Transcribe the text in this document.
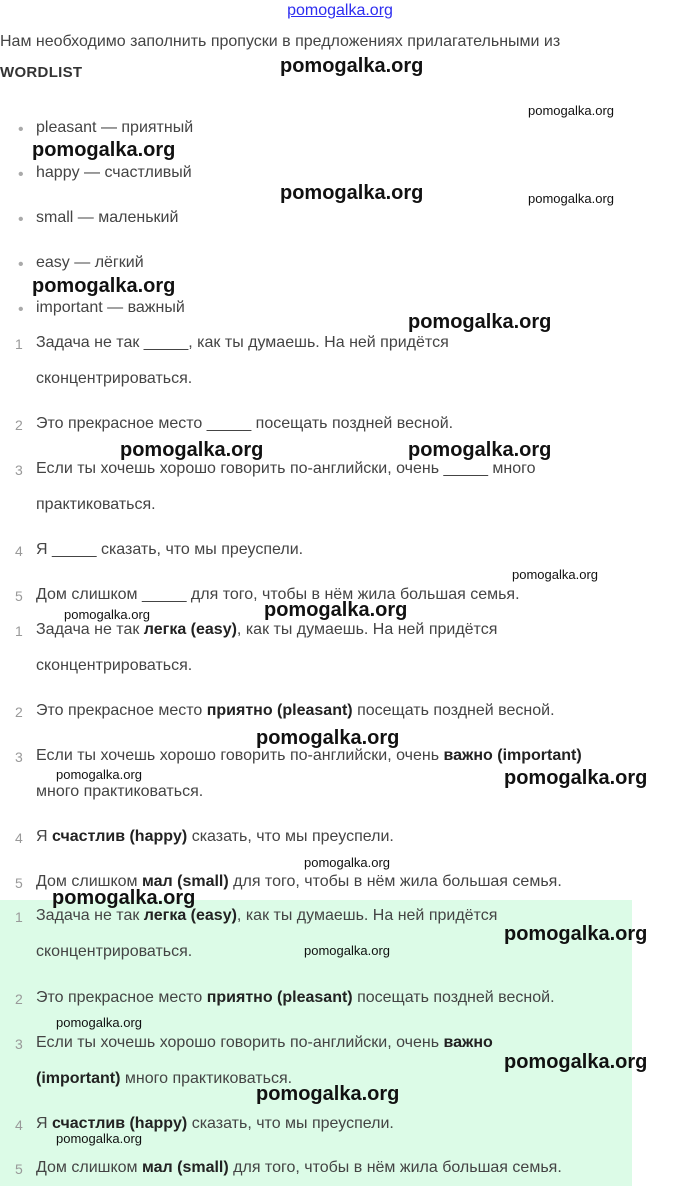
pomogalka.org
Нам необходимо заполнить пропуски в предложениях прилагательными из
WORDLIST
• pleasant — приятный
• happy — счастливый
• small — маленький
• easy — лёгкий
• important — важный
1 Задача не так _____, как ты думаешь. На ней придётся
сконцентрироваться.
2 Это прекрасное место _____ посещать поздней весной.
3 Если ты хочешь хорошо говорить по-английски, очень _____ много
практиковаться.
4 Я _____ сказать, что мы преуспели.
5 Дом слишком _____ для того, чтобы в нём жила большая семья.
1 Задача не так легка (easy), как ты думаешь. На ней придётся
сконцентрироваться.
2 Это прекрасное место приятно (pleasant) посещать поздней весной.
3 Если ты хочешь хорошо говорить по-английски, очень важно (important)
много практиковаться.
4 Я счастлив (happy) сказать, что мы преуспели.
5 Дом слишком мал (small) для того, чтобы в нём жила большая семья.
1 Задача не так легка (easy), как ты думаешь. На ней придётся
сконцентрироваться.
2 Это прекрасное место приятно (pleasant) посещать поздней весной.
3 Если ты хочешь хорошо говорить по-английски, очень важно
(important) много практиковаться.
4 Я счастлив (happy) сказать, что мы преуспели.
5 Дом слишком мал (small) для того, чтобы в нём жила большая семья.
pomogalka.org
pomogalka.org
pomogalka.org
pomogalka.org	pomogalka.org
pomogalka.org
pomogalka.org
pomogalka.org	pomogalka.org
pomogalka.org
pomogalka.org	pomogalka.org
pomogalka.org
pomogalka.org	pomogalka.org
pomogalka.org
pomogalka.org
pomogalka.org
pomogalka.org
pomogalka.org
pomogalka.org
pomogalka.org
pomogalka.org
